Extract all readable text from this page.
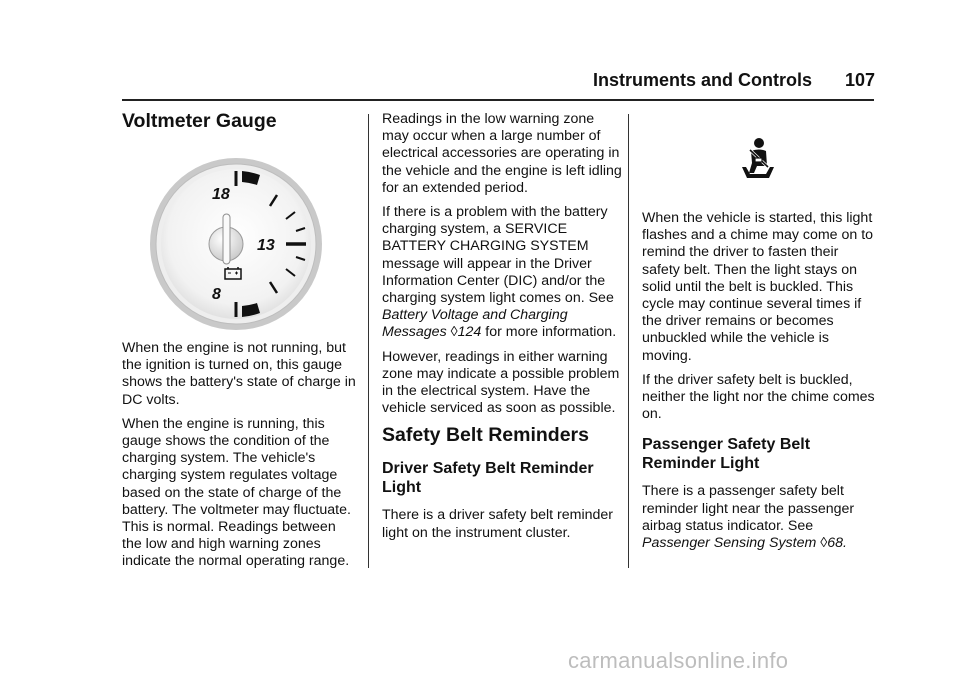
Instruments and Controls 107
Voltmeter Gauge
18
13
8

When the engine is not running, but the ignition is turned on, this gauge shows the battery's state of charge in DC volts.

When the engine is running, this gauge shows the condition of the charging system. The vehicle's charging system regulates voltage based on the state of charge of the battery. The voltmeter may fluctuate. This is normal. Readings between the low and high warning zones indicate the normal operating range.

Readings in the low warning zone may occur when a large number of electrical accessories are operating in the vehicle and the engine is left idling for an extended period.

If there is a problem with the battery charging system, a SERVICE BATTERY CHARGING SYSTEM message will appear in the Driver Information Center (DIC) and/or the charging system light comes on. See Battery Voltage and Charging Messages ◊124 for more information.

However, readings in either warning zone may indicate a possible problem in the electrical system. Have the vehicle serviced as soon as possible.

Safety Belt Reminders
Driver Safety Belt Reminder Light

There is a driver safety belt reminder light on the instrument cluster.

When the vehicle is started, this light flashes and a chime may come on to remind the driver to fasten their safety belt. Then the light stays on solid until the belt is buckled. This cycle may continue several times if the driver remains or becomes unbuckled while the vehicle is moving.

If the driver safety belt is buckled, neither the light nor the chime comes on.

Passenger Safety Belt Reminder Light

There is a passenger safety belt reminder light near the passenger airbag status indicator. See Passenger Sensing System ◊68.

carmanualsonline.info
